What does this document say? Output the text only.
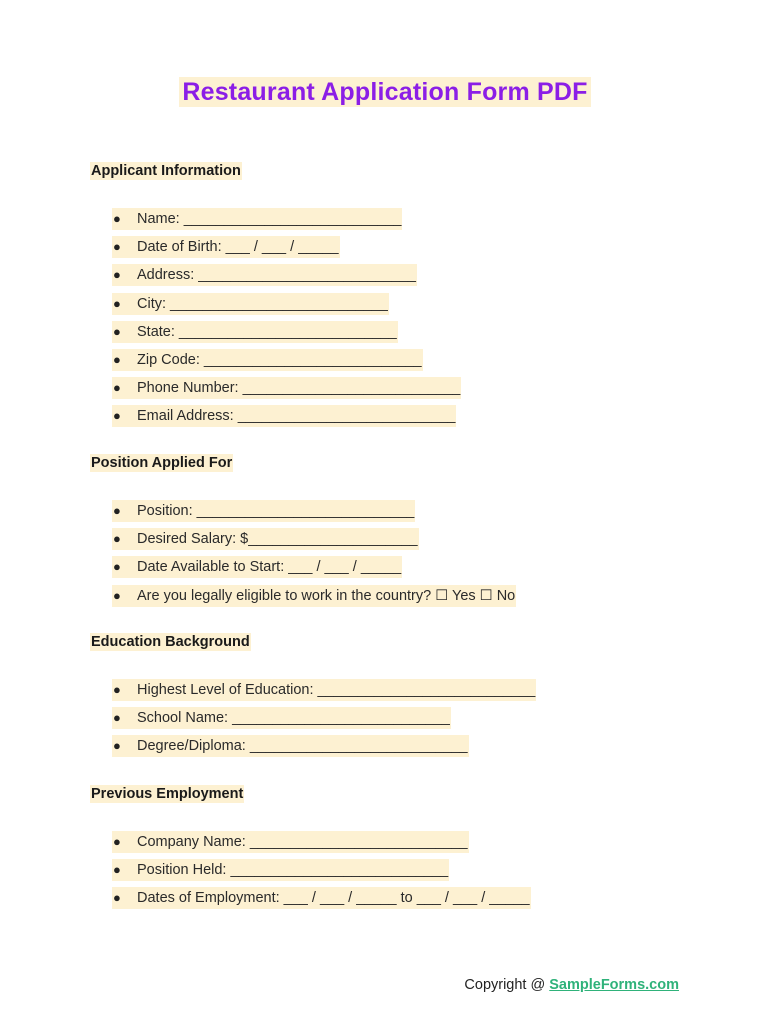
Restaurant Application Form PDF
Applicant Information
● Name: ___________________________
● Date of Birth: ___ / ___ / _____
● Address: ___________________________
● City: ___________________________
● State: ___________________________
● Zip Code: ___________________________
● Phone Number: ___________________________
● Email Address: ___________________________
Position Applied For
● Position: ___________________________
● Desired Salary: $_____________________
● Date Available to Start: ___ / ___ / _____
● Are you legally eligible to work in the country? ☐ Yes ☐ No
Education Background
● Highest Level of Education: ___________________________
● School Name: ___________________________
● Degree/Diploma: ___________________________
Previous Employment
● Company Name: ___________________________
● Position Held: ___________________________
● Dates of Employment: ___ / ___ / _____ to ___ / ___ / _____
Copyright @ SampleForms.com
